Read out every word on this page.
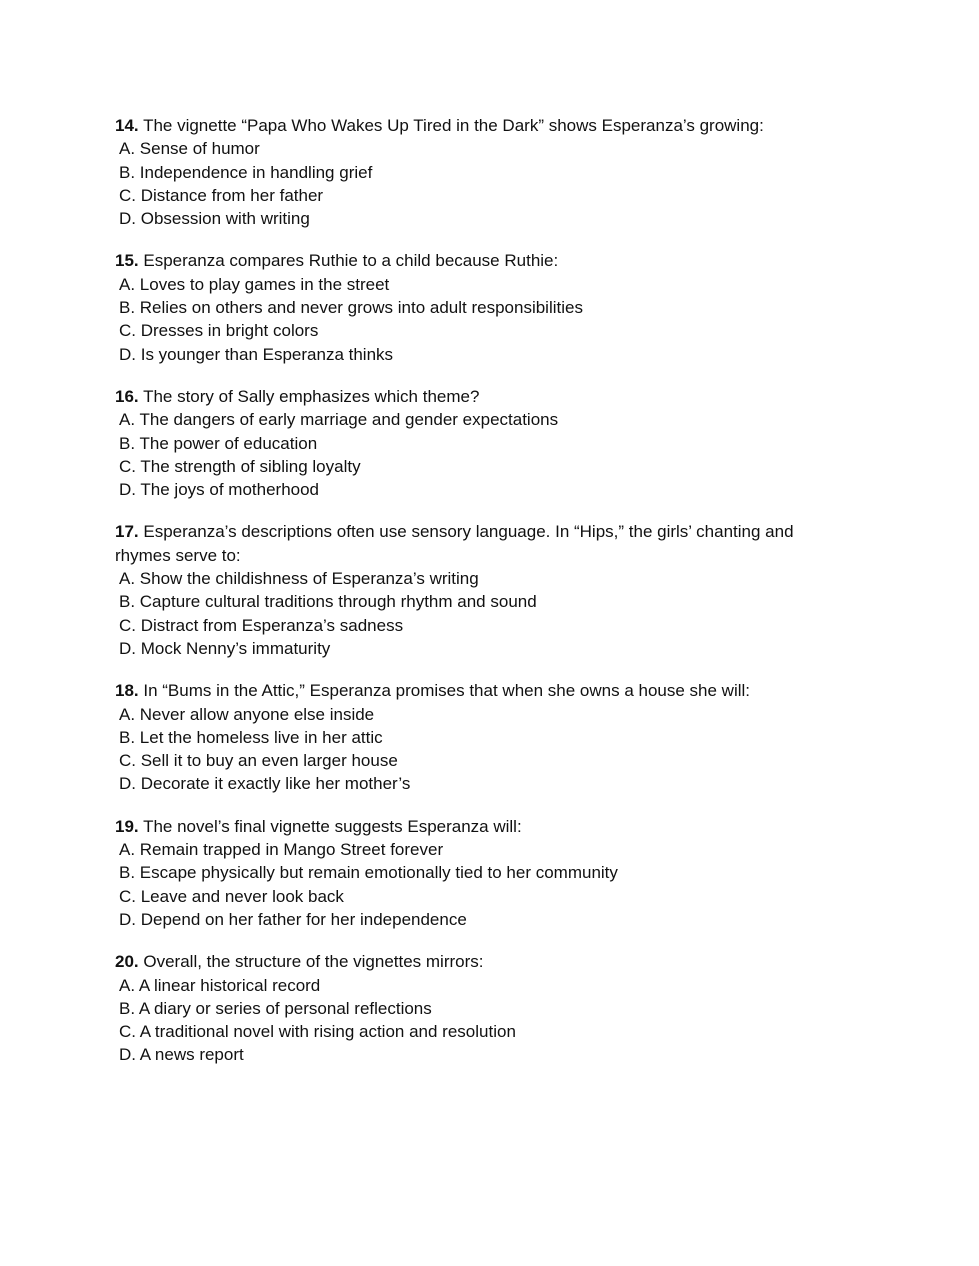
14. The vignette “Papa Who Wakes Up Tired in the Dark” shows Esperanza’s growing:

A. Sense of humor

B. Independence in handling grief

C. Distance from her father

D. Obsession with writing

15. Esperanza compares Ruthie to a child because Ruthie:

A. Loves to play games in the street

B. Relies on others and never grows into adult responsibilities

C. Dresses in bright colors

D. Is younger than Esperanza thinks

16. The story of Sally emphasizes which theme?

A. The dangers of early marriage and gender expectations

B. The power of education

C. The strength of sibling loyalty

D. The joys of motherhood

17. Esperanza’s descriptions often use sensory language. In “Hips,” the girls’ chanting and rhymes serve to:

A. Show the childishness of Esperanza’s writing

B. Capture cultural traditions through rhythm and sound

C. Distract from Esperanza’s sadness

D. Mock Nenny’s immaturity

18. In “Bums in the Attic,” Esperanza promises that when she owns a house she will:

A. Never allow anyone else inside

B. Let the homeless live in her attic

C. Sell it to buy an even larger house

D. Decorate it exactly like her mother’s

19. The novel’s final vignette suggests Esperanza will:

A. Remain trapped in Mango Street forever

B. Escape physically but remain emotionally tied to her community

C. Leave and never look back

D. Depend on her father for her independence

20. Overall, the structure of the vignettes mirrors:

A. A linear historical record

B. A diary or series of personal reflections

C. A traditional novel with rising action and resolution

D. A news report
